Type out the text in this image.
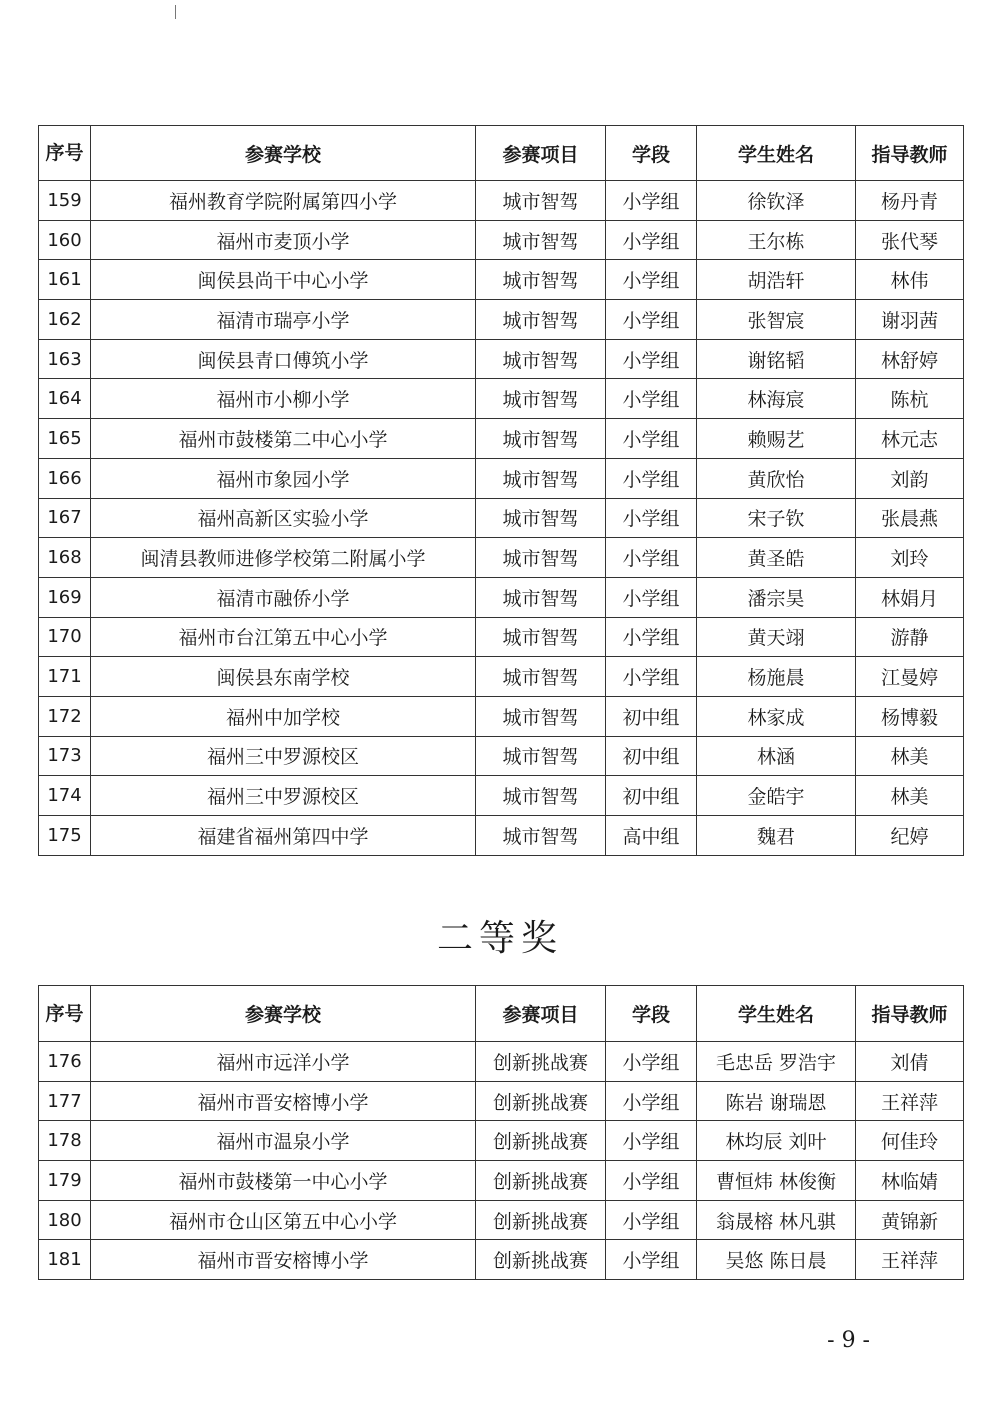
序号	参赛学校	参赛项目	学段	学生姓名	指导教师
159	福州教育学院附属第四小学	城市智驾	小学组	徐钦泽	杨丹青
160	福州市麦顶小学	城市智驾	小学组	王尔栋	张代琴
161	闽侯县尚干中心小学	城市智驾	小学组	胡浩轩	林伟
162	福清市瑞亭小学	城市智驾	小学组	张智宸	谢羽茜
163	闽侯县青口傅筑小学	城市智驾	小学组	谢铭韬	林舒婷
164	福州市小柳小学	城市智驾	小学组	林海宸	陈杭
165	福州市鼓楼第二中心小学	城市智驾	小学组	赖赐艺	林元志
166	福州市象园小学	城市智驾	小学组	黄欣怡	刘韵
167	福州高新区实验小学	城市智驾	小学组	宋子钦	张晨燕
168	闽清县教师进修学校第二附属小学	城市智驾	小学组	黄圣皓	刘玲
169	福清市融侨小学	城市智驾	小学组	潘宗昊	林娟月
170	福州市台江第五中心小学	城市智驾	小学组	黄天翊	游静
171	闽侯县东南学校	城市智驾	小学组	杨施晨	江曼婷
172	福州中加学校	城市智驾	初中组	林家成	杨博毅
173	福州三中罗源校区	城市智驾	初中组	林涵	林美
174	福州三中罗源校区	城市智驾	初中组	金皓宇	林美
175	福建省福州第四中学	城市智驾	高中组	魏君	纪婷
二等奖
序号	参赛学校	参赛项目	学段	学生姓名	指导教师
176	福州市远洋小学	创新挑战赛	小学组	毛忠岳 罗浩宇	刘倩
177	福州市晋安榕博小学	创新挑战赛	小学组	陈岩 谢瑞恩	王祥萍
178	福州市温泉小学	创新挑战赛	小学组	林均辰 刘叶	何佳玲
179	福州市鼓楼第一中心小学	创新挑战赛	小学组	曹恒炜 林俊衡	林临婧
180	福州市仓山区第五中心小学	创新挑战赛	小学组	翁晟榕 林凡骐	黄锦新
181	福州市晋安榕博小学	创新挑战赛	小学组	吴悠 陈日晨	王祥萍
- 9 -
